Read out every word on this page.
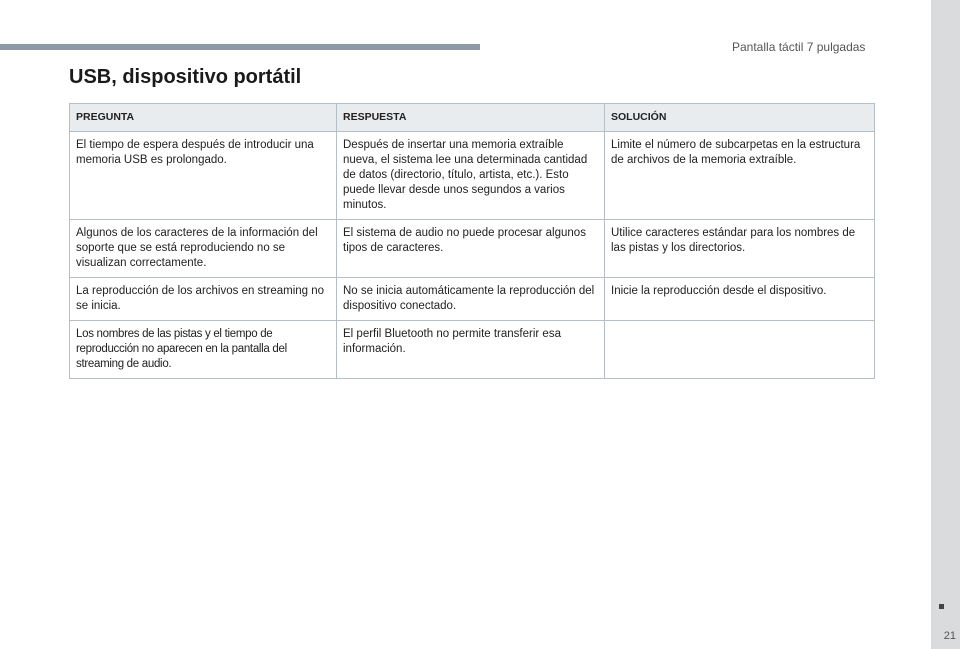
Pantalla táctil 7 pulgadas
21
USB, dispositivo portátil
PREGUNTA	RESPUESTA	SOLUCIÓN
El tiempo de espera después de introducir una memoria USB es prolongado.	Después de insertar una memoria extraíble nueva, el sistema lee una determinada cantidad de datos (directorio, título, artista, etc.). Esto puede llevar desde unos segundos a varios minutos.	Limite el número de subcarpetas en la estructura de archivos de la memoria extraíble.
Algunos de los caracteres de la información del soporte que se está reproduciendo no se visualizan correctamente.	El sistema de audio no puede procesar algunos tipos de caracteres.	Utilice caracteres estándar para los nombres de las pistas y los directorios.
La reproducción de los archivos en streaming no se inicia.	No se inicia automáticamente la reproducción del dispositivo conectado.	Inicie la reproducción desde el dispositivo.
Los nombres de las pistas y el tiempo de reproducción no aparecen en la pantalla del streaming de audio.	El perfil Bluetooth no permite transferir esa información.	
